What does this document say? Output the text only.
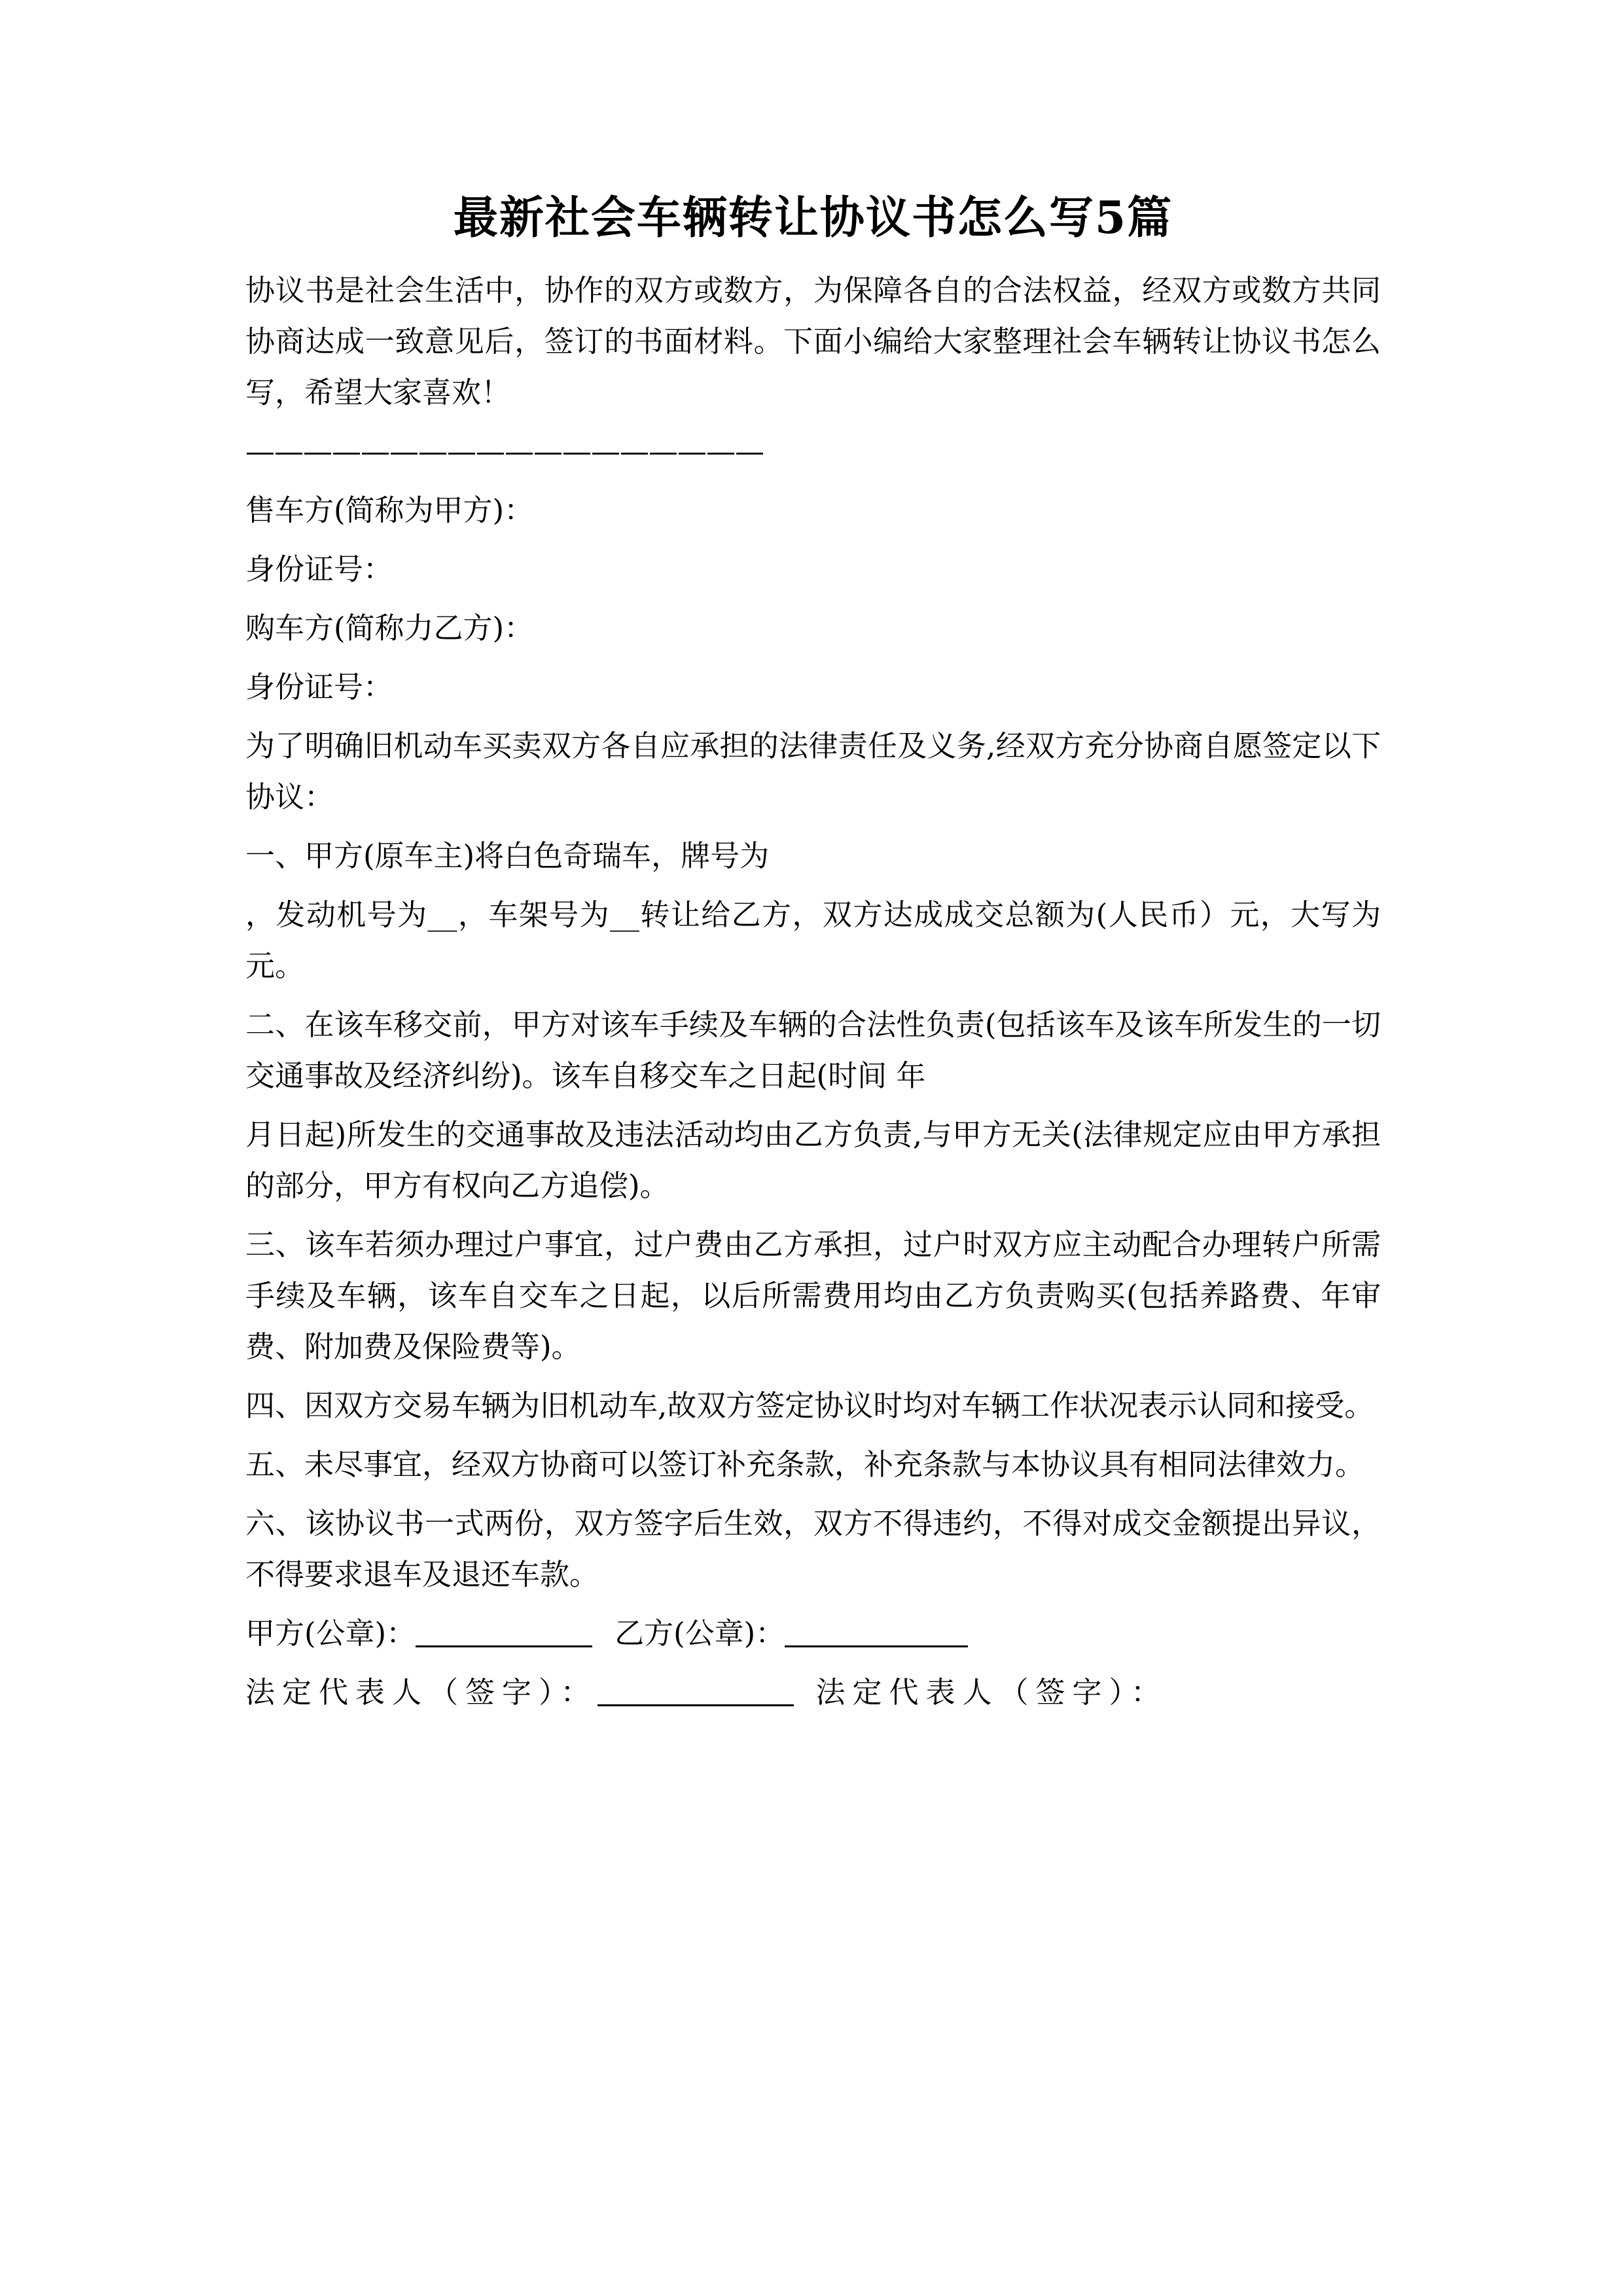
最新社会车辆转让协议书怎么写5篇

协议书是社会生活中，协作的双方或数方，为保障各自的合法权益，经双方或数方共同协商达成一致意见后，签订的书面材料。下面小编给大家整理社会车辆转让协议书怎么写，希望大家喜欢！

——————————————————

售车方(简称为甲方)：

身份证号：

购车方(简称力乙方)：

身份证号：

为了明确旧机动车买卖双方各自应承担的法律责任及义务,经双方充分协商自愿签定以下协议：

一、甲方(原车主)将白色奇瑞车，牌号为

，发动机号为__，车架号为__转让给乙方，双方达成成交总额为(人民币）元，大写为 元。

二、在该车移交前，甲方对该车手续及车辆的合法性负责(包括该车及该车所发生的一切交通事故及经济纠纷)。该车自移交车之日起(时间 年

月日起)所发生的交通事故及违法活动均由乙方负责,与甲方无关(法律规定应由甲方承担的部分，甲方有权向乙方追偿)。

三、该车若须办理过户事宜，过户费由乙方承担，过户时双方应主动配合办理转户所需手续及车辆，该车自交车之日起，以后所需费用均由乙方负责购买(包括养路费、年审费、附加费及保险费等)。

四、因双方交易车辆为旧机动车,故双方签定协议时均对车辆工作状况表示认同和接受。

五、未尽事宜，经双方协商可以签订补充条款，补充条款与本协议具有相同法律效力。

六、该协议书一式两份，双方签字后生效，双方不得违约，不得对成交金额提出异议，不得要求退车及退还车款。

甲方(公章)：	乙方(公章)：

法定代表人（签字）：	法定代表人（签字）：
